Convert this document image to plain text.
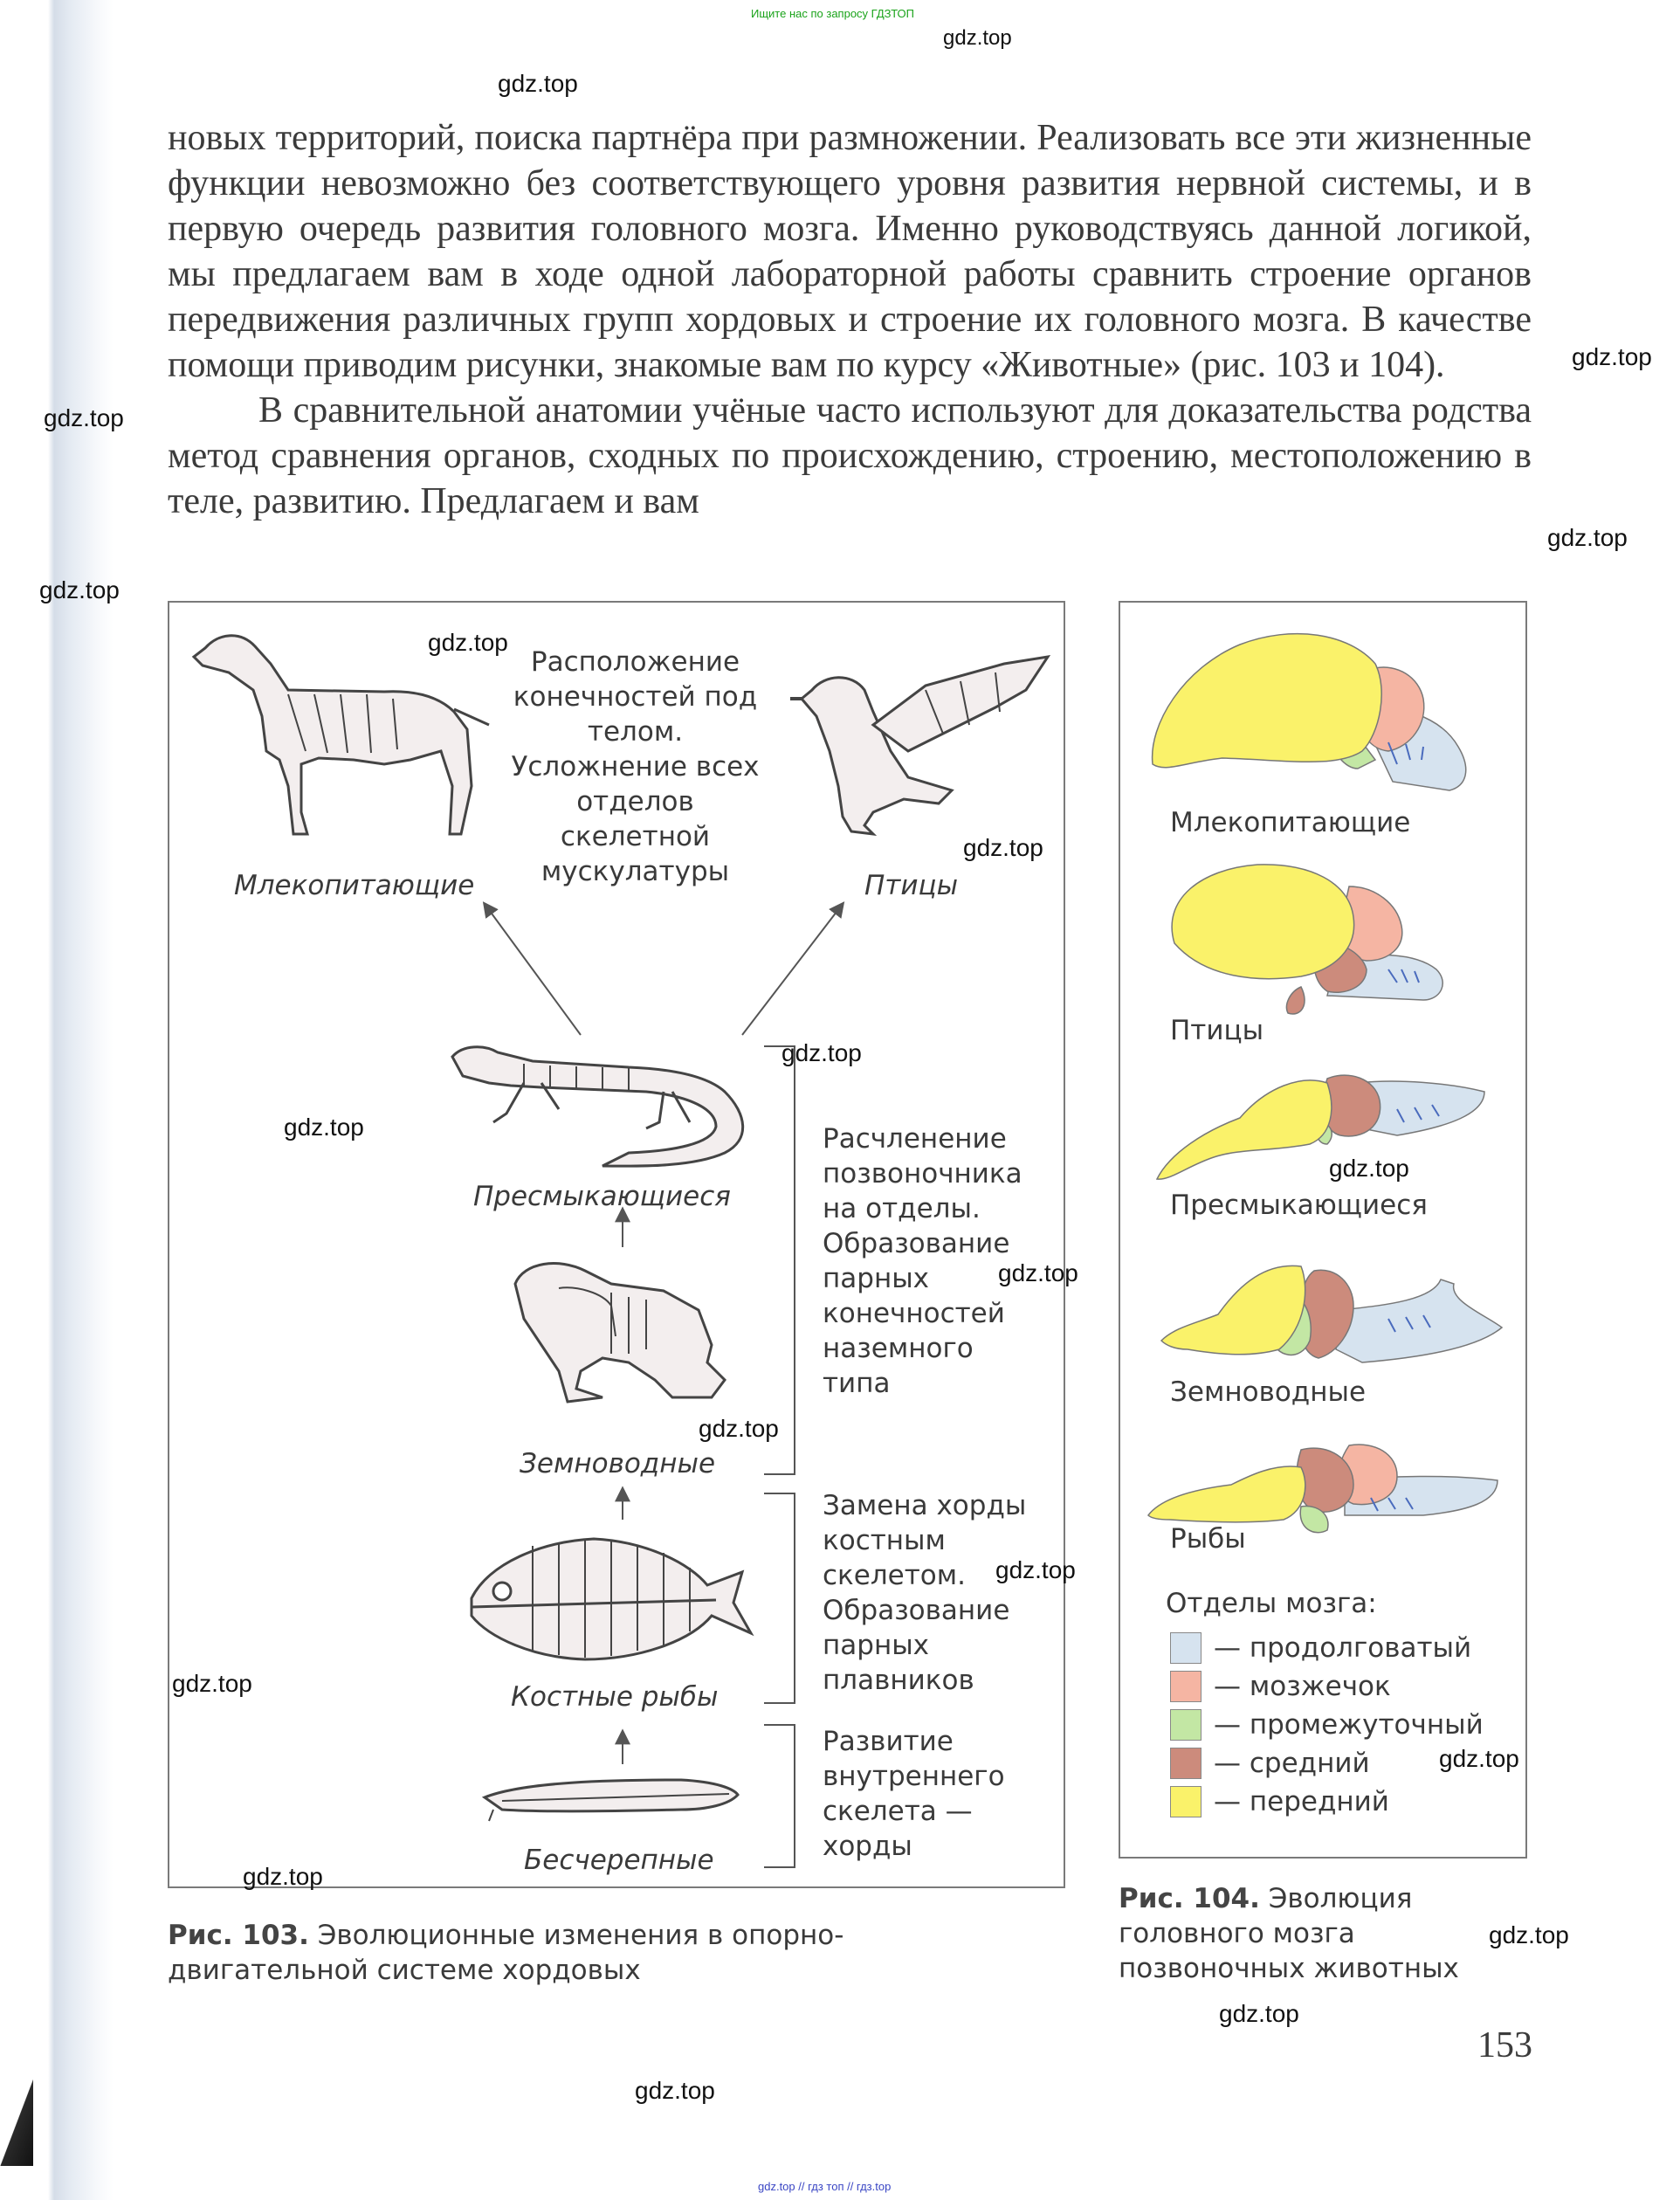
Ищите нас по запросу ГДЗТОП
gdz.top // гдз топ // гдз.top

новых территорий, поиска партнёра при размножении. Реализовать все эти жизненные функции невозможно без соответствующего уровня развития нервной системы, и в первую очередь развития головного мозга. Именно руководствуясь данной логикой, мы предлагаем вам в ходе одной лабораторной работы сравнить строение органов передвижения различных групп хордовых и строение их головного мозга. В качестве помощи приводим рисунки, знакомые вам по курсу «Животные» (рис. 103 и 104).

В сравнительной анатомии учёные часто используют для доказательства родства метод сравнения органов, сходных по происхождению, строению, местоположению в теле, развитию. Предлагаем и вам

Расположение конечностей под телом. Усложнение всех отделов скелетной мускулатуры
Млекопитающие	Птицы
Пресмыкающиеся
Земноводные
Костные рыбы
Бесчерепные
Расчленение позвоночника на отделы. Образование парных конечностей наземного типа
Замена хорды костным скелетом. Образование парных плавников
Развитие внутреннего скелета — хорды
Млекопитающие
Птицы
Пресмыкающиеся
Земноводные
Рыбы
Отделы мозга:
— продолговатый
— мозжечок
— промежуточный
— средний
— передний
Рис. 103. Эволюционные изменения в опорно-двигательной системе хордовых
Рис. 104. Эволюция головного мозга позвоночных животных
153
gdz.top
gdz.top
gdz.top
gdz.top
gdz.top
gdz.top
gdz.top
gdz.top
gdz.top
gdz.top
gdz.top
gdz.top
gdz.top
gdz.top
gdz.top
gdz.top
gdz.top
gdz.top
gdz.top
gdz.top
